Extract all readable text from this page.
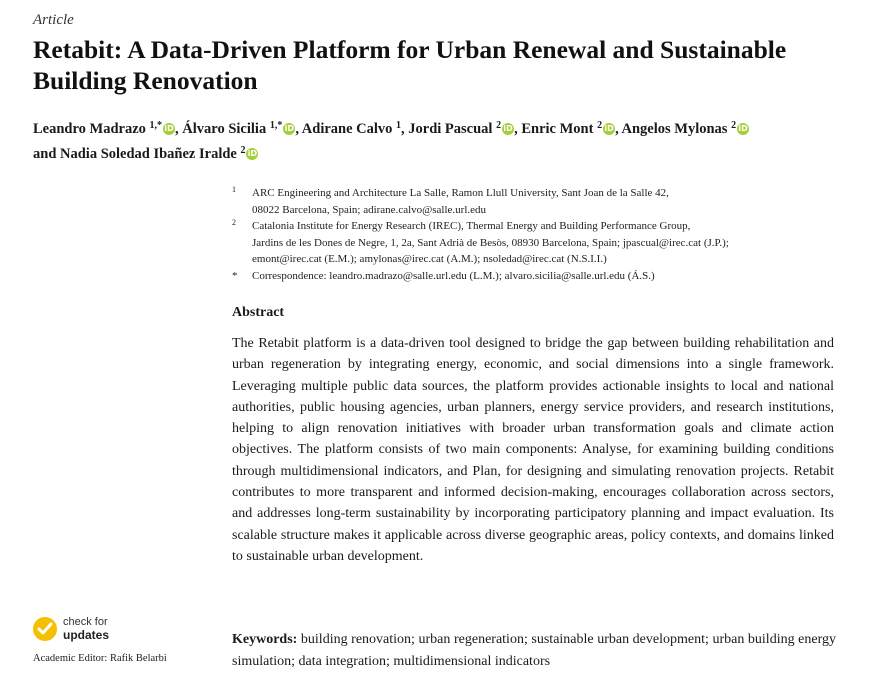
Article
Retabit: A Data-Driven Platform for Urban Renewal and Sustainable Building Renovation
Leandro Madrazo $^{1,*}$ iD, Álvaro Sicilia $^{1,*}$ iD, Adirane Calvo $^1$, Jordi Pascual $^2$ iD, Enric Mont $^2$ iD, Angelos Mylonas $^2$ iD
and Nadia Soledad Ibañez Iralde $^2$ iD
1 ARC Engineering and Architecture La Salle, Ramon Llull University, Sant Joan de la Salle 42,
08022 Barcelona, Spain; adirane.calvo@salle.url.edu
2 Catalonia Institute for Energy Research (IREC), Thermal Energy and Building Performance Group,
Jardins de les Dones de Negre, 1, 2a, Sant Adrià de Besòs, 08930 Barcelona, Spain; jpascual@irec.cat (J.P.);
emont@irec.cat (E.M.); amylonas@irec.cat (A.M.); nsoledad@irec.cat (N.S.I.I.)
* Correspondence: leandro.madrazo@salle.url.edu (L.M.); alvaro.sicilia@salle.url.edu (Á.S.)
Abstract
The Retabit platform is a data-driven tool designed to bridge the gap between building rehabilitation and urban regeneration by integrating energy, economic, and social dimensions into a single framework. Leveraging multiple public data sources, the platform provides actionable insights to local and national authorities, public housing agencies, urban planners, energy service providers, and research institutions, helping to align renovation initiatives with broader urban transformation goals and climate action objectives. The platform consists of two main components: Analyse, for examining building conditions through multidimensional indicators, and Plan, for designing and simulating renovation projects. Retabit contributes to more transparent and informed decision-making, encourages collaboration across sectors, and addresses long-term sustainability by incorporating participatory planning and impact evaluation. Its scalable structure makes it applicable across diverse geographic areas, policy contexts, and domains linked to sustainable urban development.
check for
updates
Academic Editor: Rafik Belarbi
Keywords: building renovation; urban regeneration; sustainable urban development; urban building energy simulation; data integration; multidimensional indicators
